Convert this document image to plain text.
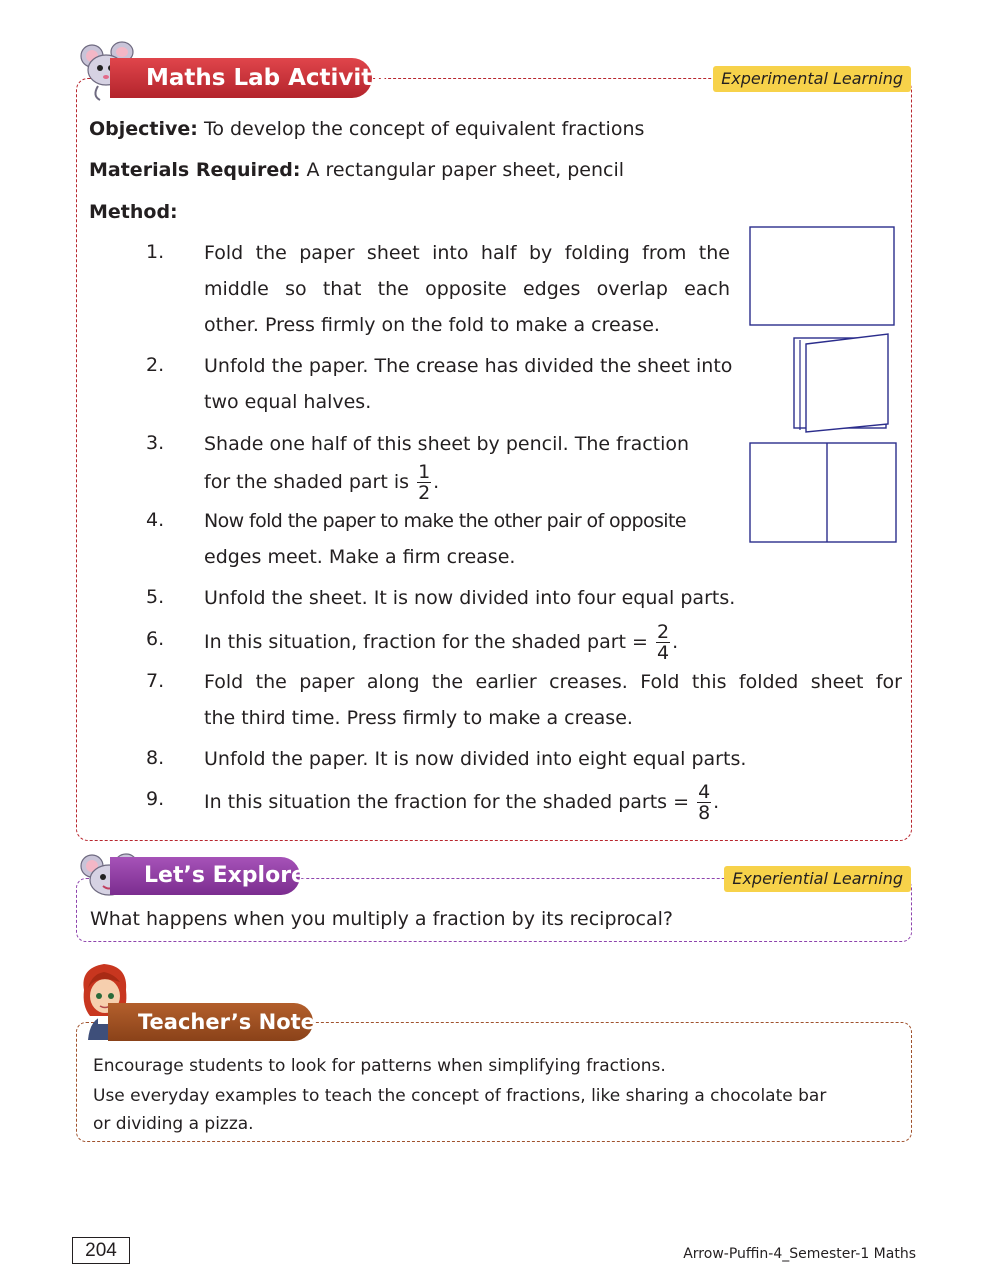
Maths Lab Activity	Experimental Learning
Objective: To develop the concept of equivalent fractions
Materials Required: A rectangular paper sheet, pencil
Method:
1. Fold the paper sheet into half by folding from the
middle so that the opposite edges overlap each
other. Press firmly on the fold to make a crease.
2. Unfold the paper. The crease has divided the sheet into
two equal halves.
3. Shade one half of this sheet by pencil. The fraction
for the shaded part is $\frac{1}{2}$ .
4. Now fold the paper to make the other pair of opposite
edges meet. Make a firm crease.
5. Unfold the sheet. It is now divided into four equal parts.
6. In this situation, fraction for the shaded part = $\frac{2}{4}$ .
7. Fold the paper along the earlier creases. Fold this folded sheet for
the third time. Press firmly to make a crease.
8. Unfold the paper. It is now divided into eight equal parts.
9. In this situation the fraction for the shaded parts = $\frac{4}{8}$ .
Let’s Explore	Experiential Learning
What happens when you multiply a fraction by its reciprocal?
Teacher’s Note
Encourage students to look for patterns when simplifying fractions.
Use everyday examples to teach the concept of fractions, like sharing a chocolate bar
or dividing a pizza.
204	Arrow-Puffin-4_Semester-1 Maths
